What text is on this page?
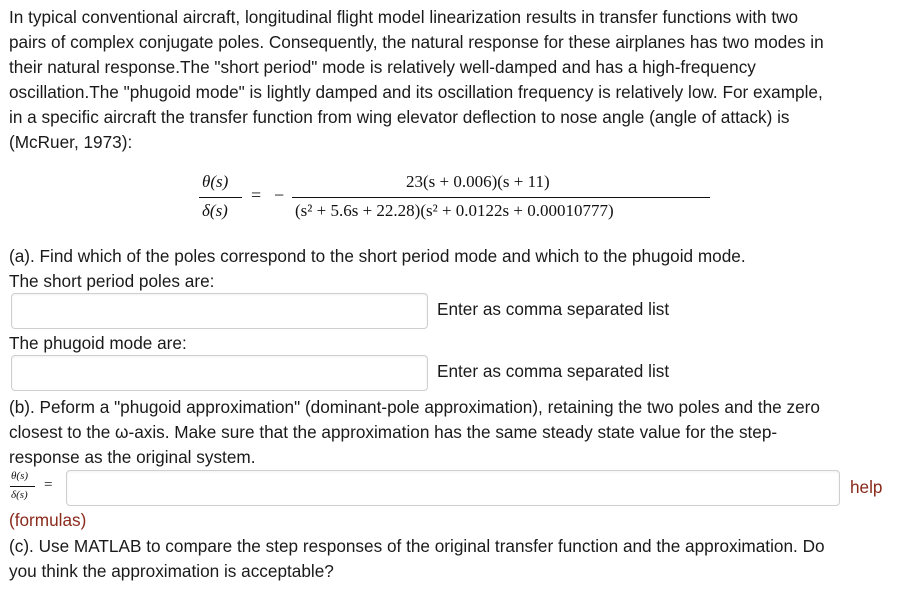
In typical conventional aircraft, longitudinal flight model linearization results in transfer functions with two

pairs of complex conjugate poles. Consequently, the natural response for these airplanes has two modes in

their natural response.The "short period" mode is relatively well-damped and has a high-frequency

oscillation.The "phugoid mode" is lightly damped and its oscillation frequency is relatively low. For example,

in a specific aircraft the transfer function from wing elevator deflection to nose angle (angle of attack) is

(McRuer, 1973):

θ(s)
δ(s)
= −
23(s + 0.006)(s + 11)
(s² + 5.6s + 22.28)(s² + 0.0122s + 0.00010777)

(a). Find which of the poles correspond to the short period mode and which to the phugoid mode.

The short period poles are:

Enter as comma separated list

The phugoid mode are:

Enter as comma separated list

(b). Peform a "phugoid approximation" (dominant-pole approximation), retaining the two poles and the zero

closest to the ω-axis. Make sure that the approximation has the same steady state value for the step-

response as the original system.

θ(s)
δ(s)
=	help
(formulas)

(c). Use MATLAB to compare the step responses of the original transfer function and the approximation. Do

you think the approximation is acceptable?
